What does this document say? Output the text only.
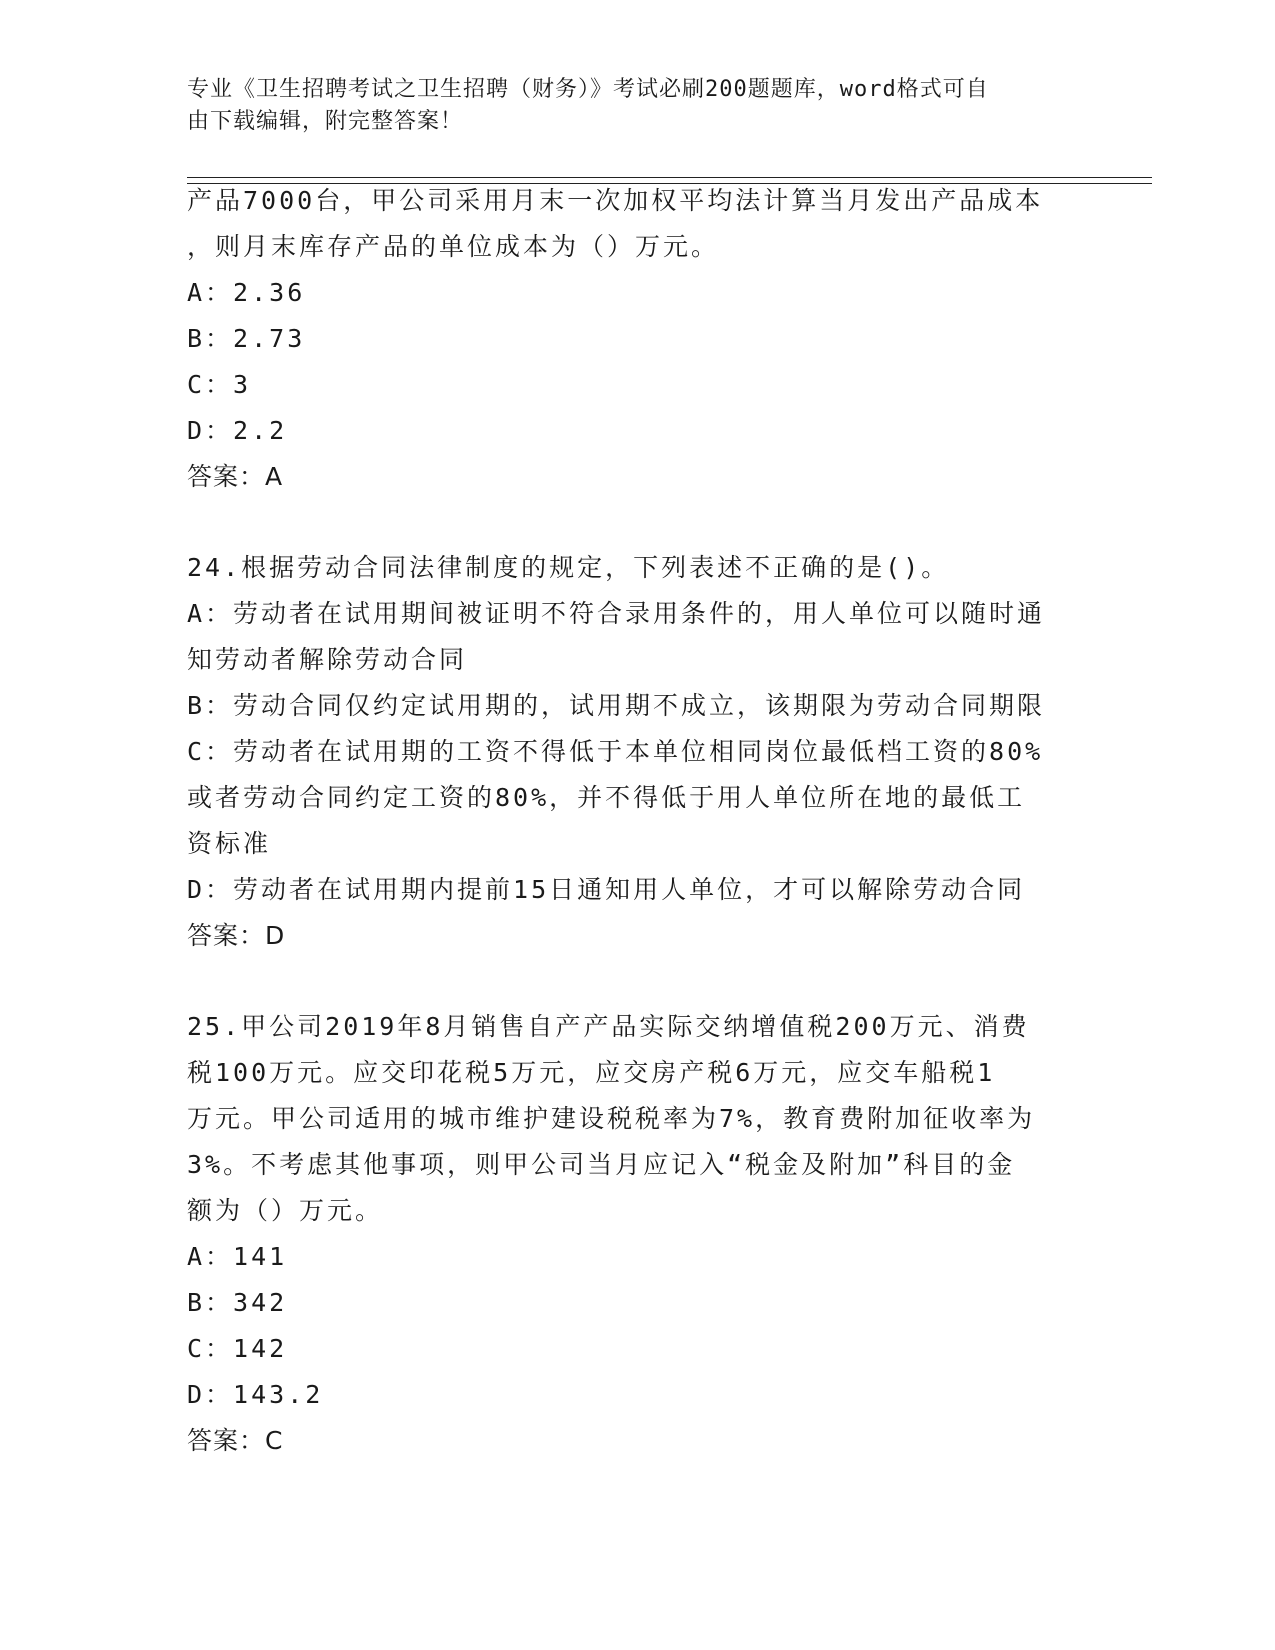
专业《卫生招聘考试之卫生招聘（财务）》考试必刷200题题库，word格式可自
由下载编辑，附完整答案！
产品7000台，甲公司采用月末一次加权平均法计算当月发出产品成本
，则月末库存产品的单位成本为（）万元。
A：2.36
B：2.73
C：3
D：2.2
答案：A
24.根据劳动合同法律制度的规定，下列表述不正确的是()。
A：劳动者在试用期间被证明不符合录用条件的，用人单位可以随时通
知劳动者解除劳动合同
B：劳动合同仅约定试用期的，试用期不成立，该期限为劳动合同期限
C：劳动者在试用期的工资不得低于本单位相同岗位最低档工资的80%
或者劳动合同约定工资的80%，并不得低于用人单位所在地的最低工
资标准
D：劳动者在试用期内提前15日通知用人单位，才可以解除劳动合同
答案：D
25.甲公司2019年8月销售自产产品实际交纳增值税200万元、消费
税100万元。应交印花税5万元，应交房产税6万元，应交车船税1
万元。甲公司适用的城市维护建设税税率为7%，教育费附加征收率为
3%。不考虑其他事项，则甲公司当月应记入“税金及附加”科目的金
额为（）万元。
A：141
B：342
C：142
D：143.2
答案：C
